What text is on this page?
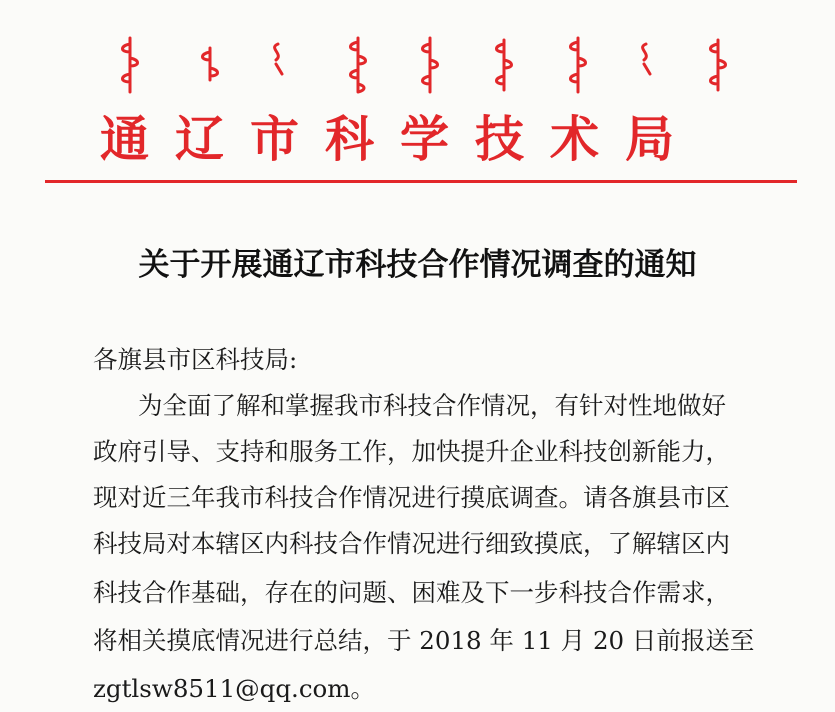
通辽市科学技术局
关于开展通辽市科技合作情况调查的通知
各旗县市区科技局:
为全面了解和掌握我市科技合作情况，有针对性地做好
政府引导、支持和服务工作，加快提升企业科技创新能力，
现对近三年我市科技合作情况进行摸底调查。请各旗县市区
科技局对本辖区内科技合作情况进行细致摸底，了解辖区内
科技合作基础，存在的问题、困难及下一步科技合作需求，
将相关摸底情况进行总结，于 2018 年 11 月 20 日前报送至
zgtlsw8511@qq.com。
